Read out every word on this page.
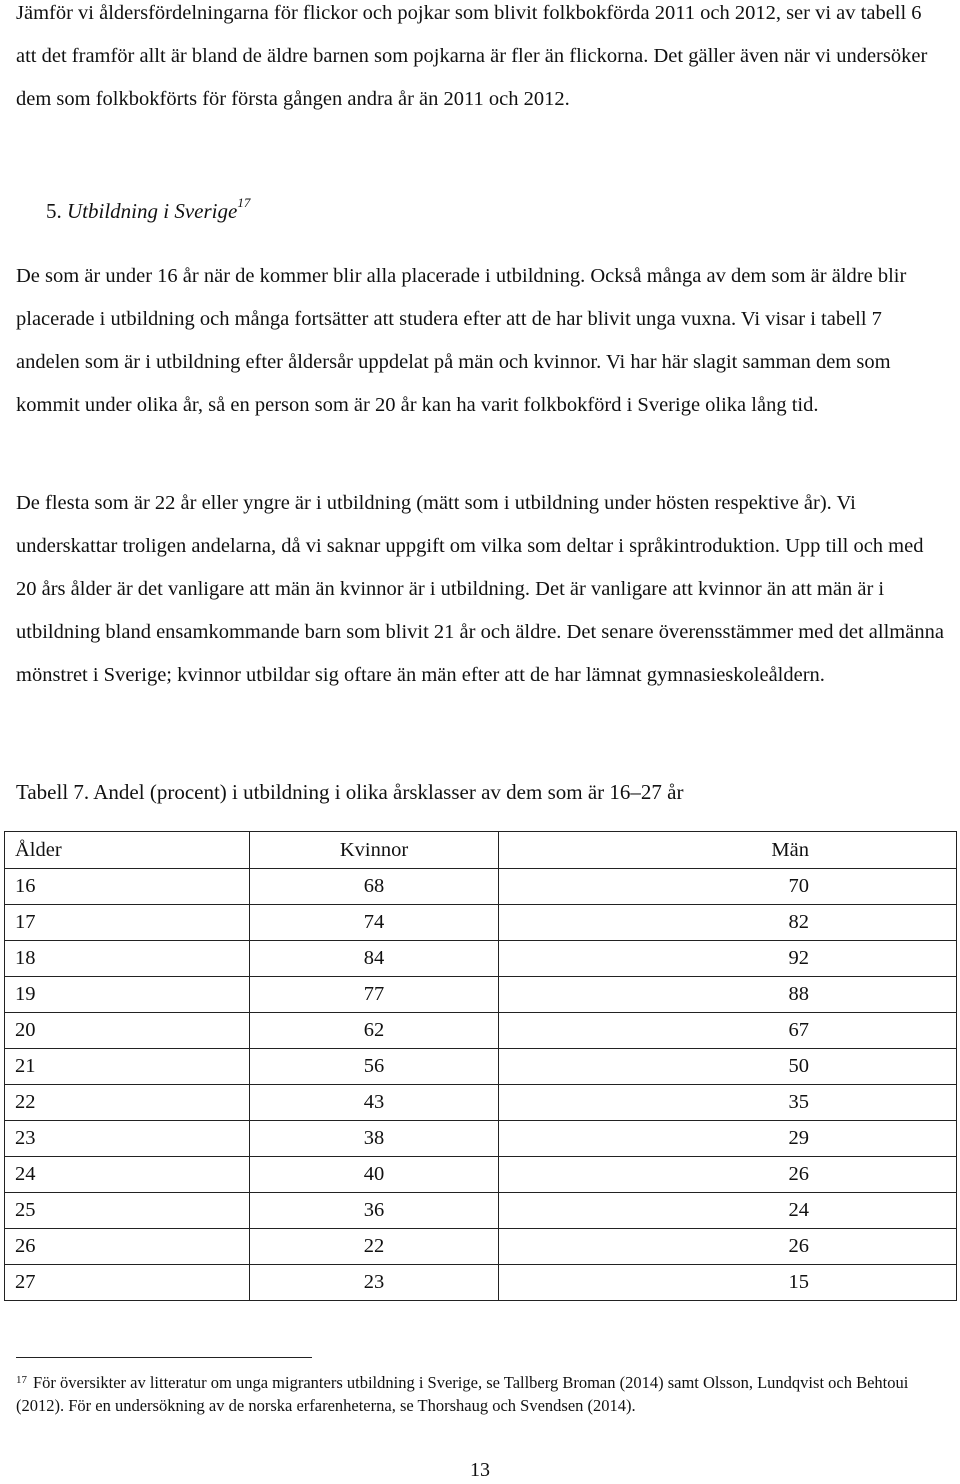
Jämför vi åldersfördelningarna för flickor och pojkar som blivit folkbokförda 2011 och 2012, ser vi av tabell 6 att det framför allt är bland de äldre barnen som pojkarna är fler än flickorna. Det gäller även när vi undersöker dem som folkbokförts för första gången andra år än 2011 och 2012.

5. Utbildning i Sverige$^{17}$

De som är under 16 år när de kommer blir alla placerade i utbildning. Också många av dem som är äldre blir placerade i utbildning och många fortsätter att studera efter att de har blivit unga vuxna. Vi visar i tabell 7 andelen som är i utbildning efter åldersår uppdelat på män och kvinnor. Vi har här slagit samman dem som kommit under olika år, så en person som är 20 år kan ha varit folkbokförd i Sverige olika lång tid.

De flesta som är 22 år eller yngre är i utbildning (mätt som i utbildning under hösten respektive år). Vi underskattar troligen andelarna, då vi saknar uppgift om vilka som deltar i språkintroduktion. Upp till och med 20 års ålder är det vanligare att män än kvinnor är i utbildning. Det är vanligare att kvinnor än att män är i utbildning bland ensamkommande barn som blivit 21 år och äldre. Det senare överensstämmer med det allmänna mönstret i Sverige; kvinnor utbildar sig oftare än män efter att de har lämnat gymnasieskoleåldern.

Tabell 7. Andel (procent) i utbildning i olika årsklasser av dem som är 16–27 år

Ålder	Kvinnor	Män
16	68	70
17	74	82
18	84	92
19	77	88
20	62	67
21	56	50
22	43	35
23	38	29
24	40	26
25	36	24
26	22	26
27	23	15

$^{17}$ För översikter av litteratur om unga migranters utbildning i Sverige, se Tallberg Broman (2014) samt Olsson, Lundqvist och Behtoui (2012). För en undersökning av de norska erfarenheterna, se Thorshaug och Svendsen (2014).

13
